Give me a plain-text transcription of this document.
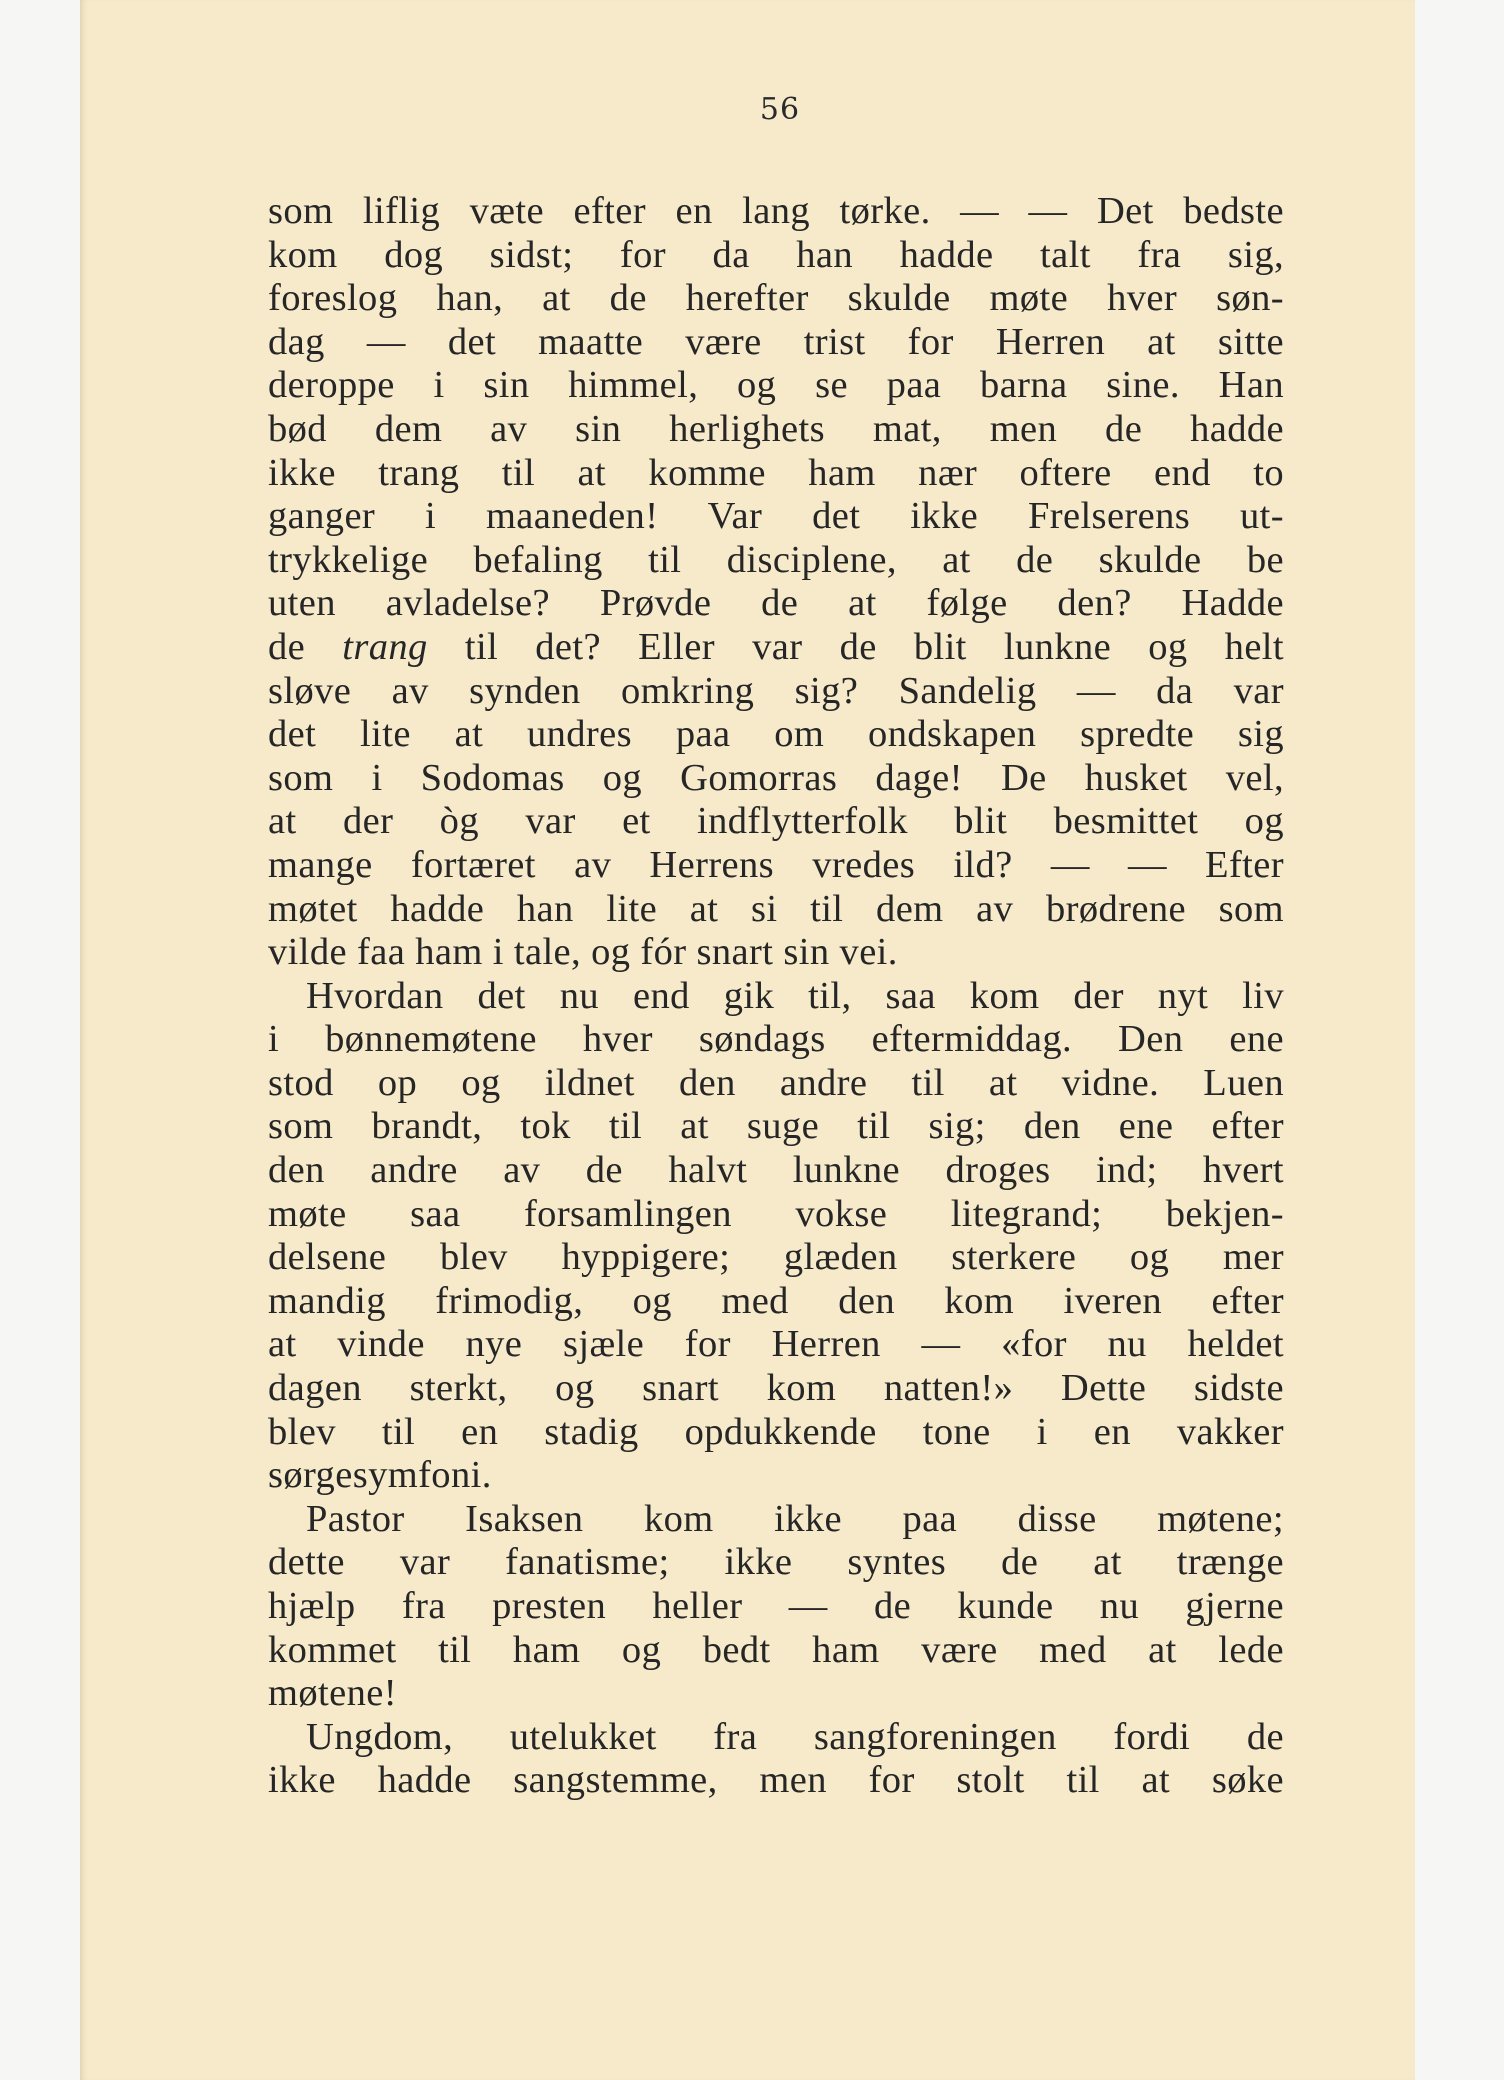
56
som liflig væte efter en lang tørke. — — Det bedste
kom dog sidst; for da han hadde talt fra sig,
foreslog han, at de herefter skulde møte hver søn-
dag — det maatte være trist for Herren at sitte
deroppe i sin himmel, og se paa barna sine. Han
bød dem av sin herlighets mat, men de hadde
ikke trang til at komme ham nær oftere end to
ganger i maaneden! Var det ikke Frelserens ut-
trykkelige befaling til disciplene, at de skulde be
uten avladelse? Prøvde de at følge den? Hadde
de trang til det? Eller var de blit lunkne og helt
sløve av synden omkring sig? Sandelig — da var
det lite at undres paa om ondskapen spredte sig
som i Sodomas og Gomorras dage! De husket vel,
at der òg var et indflytterfolk blit besmittet og
mange fortæret av Herrens vredes ild? — — Efter
møtet hadde han lite at si til dem av brødrene som
vilde faa ham i tale, og fór snart sin vei.
Hvordan det nu end gik til, saa kom der nyt liv
i bønnemøtene hver søndags eftermiddag. Den ene
stod op og ildnet den andre til at vidne. Luen
som brandt, tok til at suge til sig; den ene efter
den andre av de halvt lunkne droges ind; hvert
møte saa forsamlingen vokse litegrand; bekjen-
delsene blev hyppigere; glæden sterkere og mer
mandig frimodig, og med den kom iveren efter
at vinde nye sjæle for Herren — «for nu heldet
dagen sterkt, og snart kom natten!» Dette sidste
blev til en stadig opdukkende tone i en vakker
sørgesymfoni.
Pastor Isaksen kom ikke paa disse møtene;
dette var fanatisme; ikke syntes de at trænge
hjælp fra presten heller — de kunde nu gjerne
kommet til ham og bedt ham være med at lede
møtene!
Ungdom, utelukket fra sangforeningen fordi de
ikke hadde sangstemme, men for stolt til at søke
